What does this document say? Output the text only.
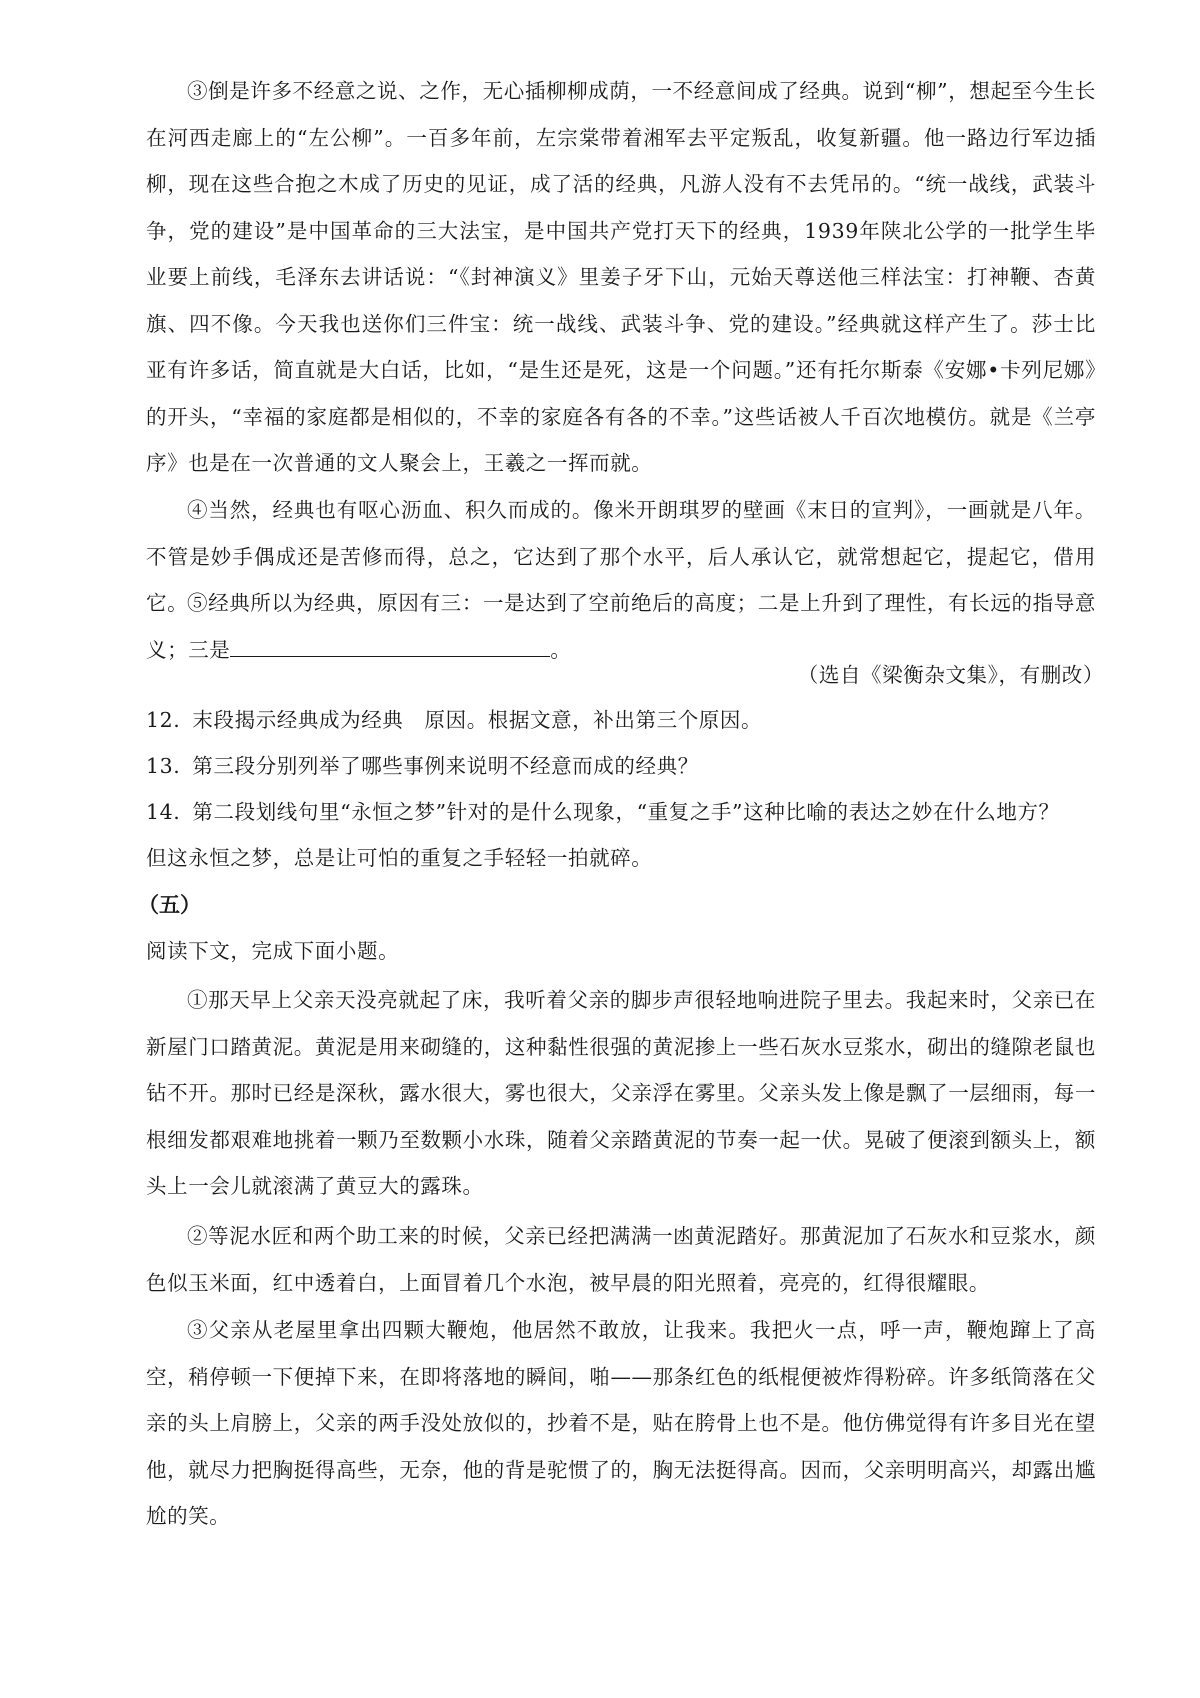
③倒是许多不经意之说、之作，无心插柳柳成荫，一不经意间成了经典。说到“柳”，想起至今生长在河西走廊上的“左公柳”。一百多年前，左宗棠带着湘军去平定叛乱，收复新疆。他一路边行军边插柳，现在这些合抱之木成了历史的见证，成了活的经典，凡游人没有不去凭吊的。“统一战线，武装斗争，党的建设”是中国革命的三大法宝，是中国共产党打天下的经典，1939年陕北公学的一批学生毕业要上前线，毛泽东去讲话说：“《封神演义》里姜子牙下山，元始天尊送他三样法宝：打神鞭、杏黄旗、四不像。今天我也送你们三件宝：统一战线、武装斗争、党的建设。”经典就这样产生了。莎士比亚有许多话，简直就是大白话，比如，“是生还是死，这是一个问题。”还有托尔斯泰《安娜•卡列尼娜》的开头，“幸福的家庭都是相似的，不幸的家庭各有各的不幸。”这些话被人千百次地模仿。就是《兰亭序》也是在一次普通的文人聚会上，王羲之一挥而就。

④当然，经典也有呕心沥血、积久而成的。像米开朗琪罗的壁画《末日的宣判》，一画就是八年。不管是妙手偶成还是苦修而得，总之，它达到了那个水平，后人承认它，就常想起它，提起它，借用它。

⑤经典所以为经典，原因有三：一是达到了空前绝后的高度；二是上升到了理性，有长远的指导意义；三是	。

（选自《梁衡杂文集》，有删改）
12. 末段揭示经典成为经典　原因。根据文意，补出第三个原因。
13. 第三段分别列举了哪些事例来说明不经意而成的经典？
14. 第二段划线句里“永恒之梦”针对的是什么现象，“重复之手”这种比喻的表达之妙在什么地方？
但这永恒之梦，总是让可怕的重复之手轻轻一拍就碎。
（五）
阅读下文，完成下面小题。

①那天早上父亲天没亮就起了床，我听着父亲的脚步声很轻地响进院子里去。我起来时，父亲已在新屋门口踏黄泥。黄泥是用来砌缝的，这种黏性很强的黄泥掺上一些石灰水豆浆水，砌出的缝隙老鼠也钻不开。那时已经是深秋，露水很大，雾也很大，父亲浮在雾里。父亲头发上像是飘了一层细雨，每一根细发都艰难地挑着一颗乃至数颗小水珠，随着父亲踏黄泥的节奏一起一伏。晃破了便滚到额头上，额头上一会儿就滚满了黄豆大的露珠。

②等泥水匠和两个助工来的时候，父亲已经把满满一凼黄泥踏好。那黄泥加了石灰水和豆浆水，颜色似玉米面，红中透着白，上面冒着几个水泡，被早晨的阳光照着，亮亮的，红得很耀眼。

③父亲从老屋里拿出四颗大鞭炮，他居然不敢放，让我来。我把火一点，呼一声，鞭炮蹿上了高空，稍停顿一下便掉下来，在即将落地的瞬间，啪——那条红色的纸棍便被炸得粉碎。许多纸筒落在父亲的头上肩膀上，父亲的两手没处放似的，抄着不是，贴在胯骨上也不是。他仿佛觉得有许多目光在望他，就尽力把胸挺得高些，无奈，他的背是驼惯了的，胸无法挺得高。因而，父亲明明高兴，却露出尴尬的笑。
